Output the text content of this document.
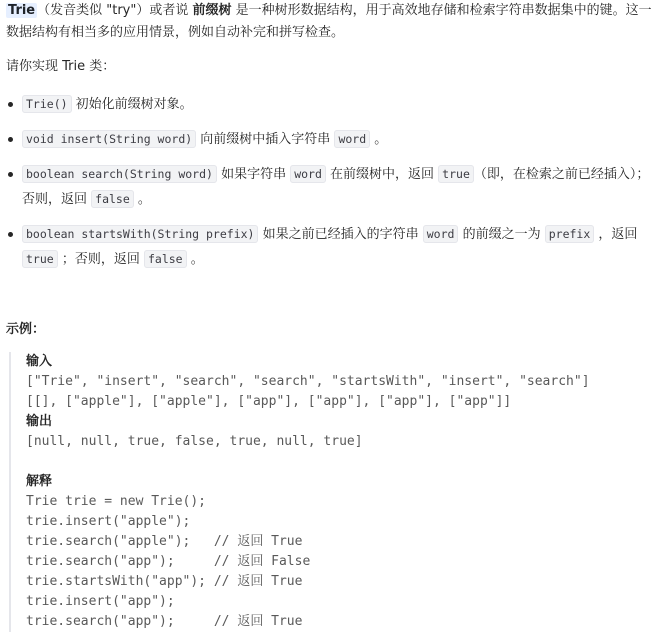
Trie （发音类似 "try"）或者说 前缀树 是一种树形数据结构，用于高效地存储和检索字符串数据集中的键。这一数据结构有相当多的应用情景，例如自动补完和拼写检查。

请你实现 Trie 类：

Trie() 初始化前缀树对象。
void insert(String word) 向前缀树中插入字符串 word 。
boolean search(String word) 如果字符串 word 在前缀树中，返回 true （即，在检索之前已经插入）；否则，返回 false 。
boolean startsWith(String prefix) 如果之前已经插入的字符串 word 的前缀之一为 prefix ，返回 true ；否则，返回 false 。

示例：

输入
["Trie", "insert", "search", "search", "startsWith", "insert", "search"]
[[], ["apple"], ["apple"], ["app"], ["app"], ["app"], ["app"]]
输出
[null, null, true, false, true, null, true]
解释
Trie trie = new Trie();
trie.insert("apple");
trie.search("apple");   // 返回 True
trie.search("app");     // 返回 False
trie.startsWith("app"); // 返回 True
trie.insert("app");
trie.search("app");     // 返回 True
